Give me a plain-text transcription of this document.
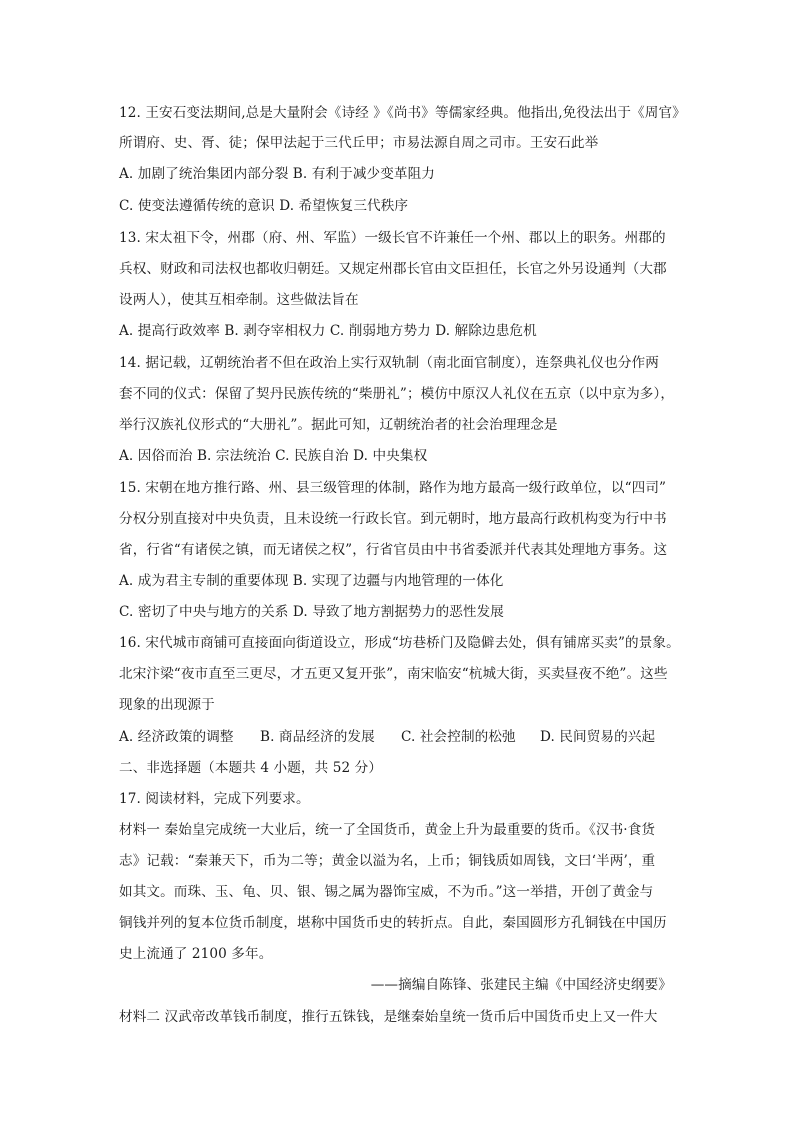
12. 王安石变法期间,总是大量附会《诗经 》《尚书》等儒家经典。他指出,免役法出于《周官》
所谓府、史、胥、徒；保甲法起于三代丘甲；市易法源自周之司市。王安石此举
A. 加剧了统治集团内部分裂 B. 有利于减少变革阻力
C. 使变法遵循传统的意识 D. 希望恢复三代秩序
13. 宋太祖下令，州郡（府、州、军监）一级长官不许兼任一个州、郡以上的职务。州郡的
兵权、财政和司法权也都收归朝廷。又规定州郡长官由文臣担任，长官之外另设通判（大郡
设两人），使其互相牵制。这些做法旨在
A. 提高行政效率 B. 剥夺宰相权力 C. 削弱地方势力 D. 解除边患危机
14. 据记载，辽朝统治者不但在政治上实行双轨制（南北面官制度），连祭典礼仪也分作两
套不同的仪式：保留了契丹民族传统的“柴册礼”；模仿中原汉人礼仪在五京（以中京为多），
举行汉族礼仪形式的“大册礼”。据此可知，辽朝统治者的社会治理理念是
A. 因俗而治 B. 宗法统治 C. 民族自治 D. 中央集权
15. 宋朝在地方推行路、州、县三级管理的体制，路作为地方最高一级行政单位，以“四司”
分权分别直接对中央负责，且未设统一行政长官。到元朝时，地方最高行政机构变为行中书
省，行省“有诸侯之镇，而无诸侯之权”，行省官员由中书省委派并代表其处理地方事务。这
A. 成为君主专制的重要体现 B. 实现了边疆与内地管理的一体化
C. 密切了中央与地方的关系 D. 导致了地方割据势力的恶性发展
16. 宋代城市商铺可直接面向街道设立，形成“坊巷桥门及隐僻去处，俱有铺席买卖”的景象。
北宋汴梁“夜市直至三更尽，才五更又复开张”，南宋临安“杭城大街，买卖昼夜不绝”。这些
现象的出现源于
A. 经济政策的调整	B. 商品经济的发展	C. 社会控制的松弛	D. 民间贸易的兴起
二、非选择题（本题共 4 小题，共 52 分）
17. 阅读材料，完成下列要求。
材料一 秦始皇完成统一大业后，统一了全国货币，黄金上升为最重要的货币。《汉书·食货
志》记载：“秦兼天下，币为二等；黄金以溢为名，上币；铜钱质如周钱，文曰‘半两’，重
如其文。而珠、玉、龟、贝、银、锡之属为器饰宝威，不为币。”这一举措，开创了黄金与
铜钱并列的复本位货币制度，堪称中国货币史的转折点。自此，秦国圆形方孔铜钱在中国历
史上流通了 2100 多年。
——摘编自陈锋、张建民主编《中国经济史纲要》
材料二 汉武帝改革钱币制度，推行五铢钱，是继秦始皇统一货币后中国货币史上又一件大
